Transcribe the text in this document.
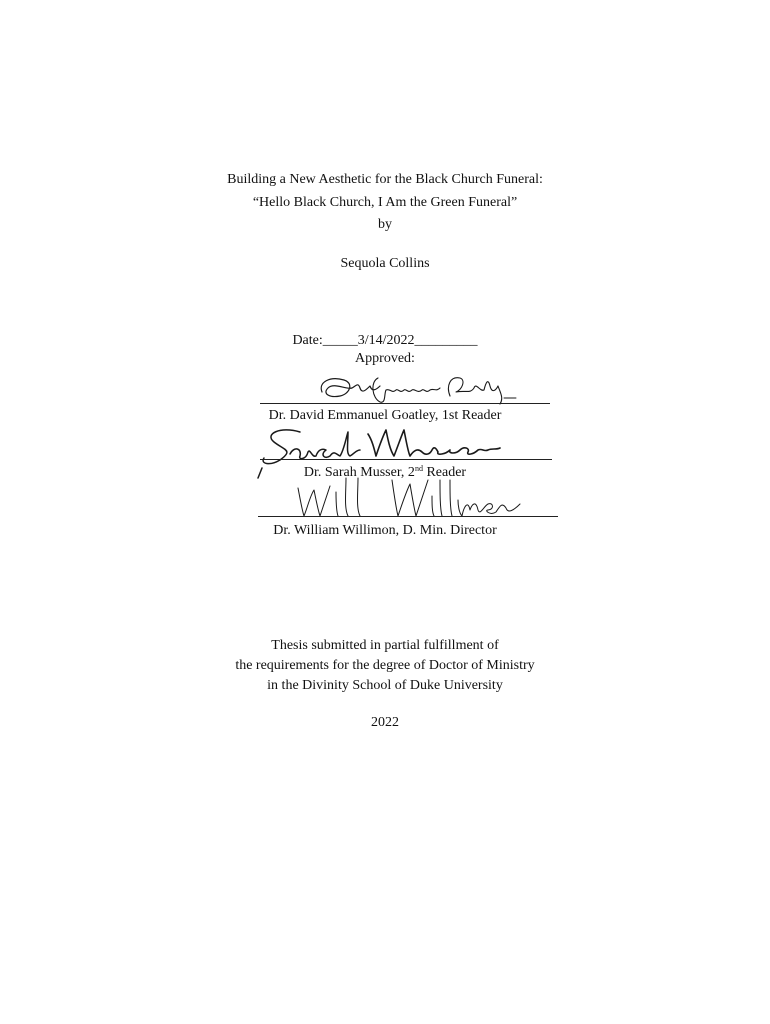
Building a New Aesthetic for the Black Church Funeral:
“Hello Black Church, I Am the Green Funeral”
by
Sequola Collins
Date:_____3/14/2022_________
Approved:
Dr. David Emmanuel Goatley, 1st Reader
Dr. Sarah Musser, 2nd Reader
Dr. William Willimon, D. Min. Director
Thesis submitted in partial fulfillment of
the requirements for the degree of Doctor of Ministry
in the Divinity School of Duke University
2022
